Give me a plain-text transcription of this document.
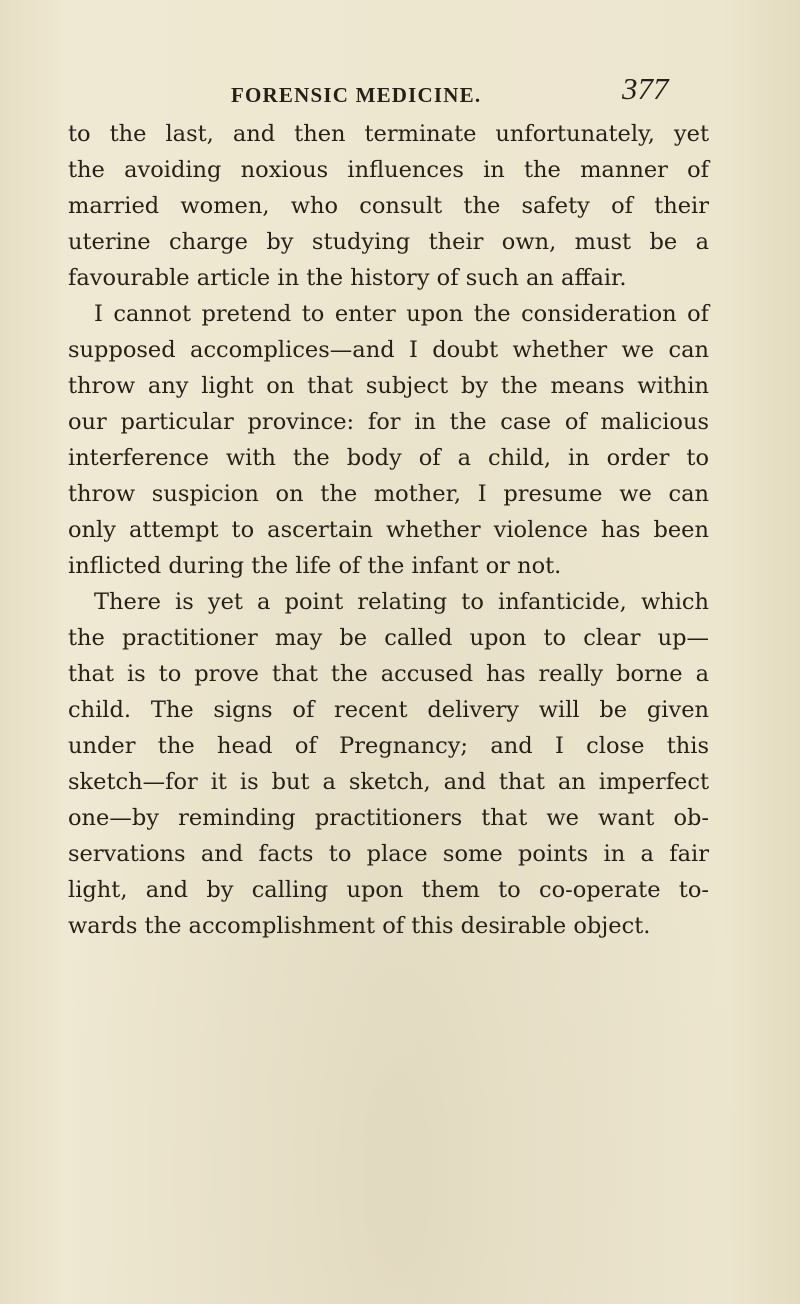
FORENSIC MEDICINE.	377
to the last, and then terminate unfortunately, yet
the avoiding noxious influences in the manner of
married women, who consult the safety of their
uterine charge by studying their own, must be a
favourable article in the history of such an affair.
I cannot pretend to enter upon the consideration of
supposed accomplices—and I doubt whether we can
throw any light on that subject by the means within
our particular province: for in the case of malicious
interference with the body of a child, in order to
throw suspicion on the mother, I presume we can
only attempt to ascertain whether violence has been
inflicted during the life of the infant or not.
There is yet a point relating to infanticide, which
the practitioner may be called upon to clear up—
that is to prove that the accused has really borne a
child. The signs of recent delivery will be given
under the head of Pregnancy; and I close this
sketch—for it is but a sketch, and that an imperfect
one—by reminding practitioners that we want ob-
servations and facts to place some points in a fair
light, and by calling upon them to co-operate to-
wards the accomplishment of this desirable object.
